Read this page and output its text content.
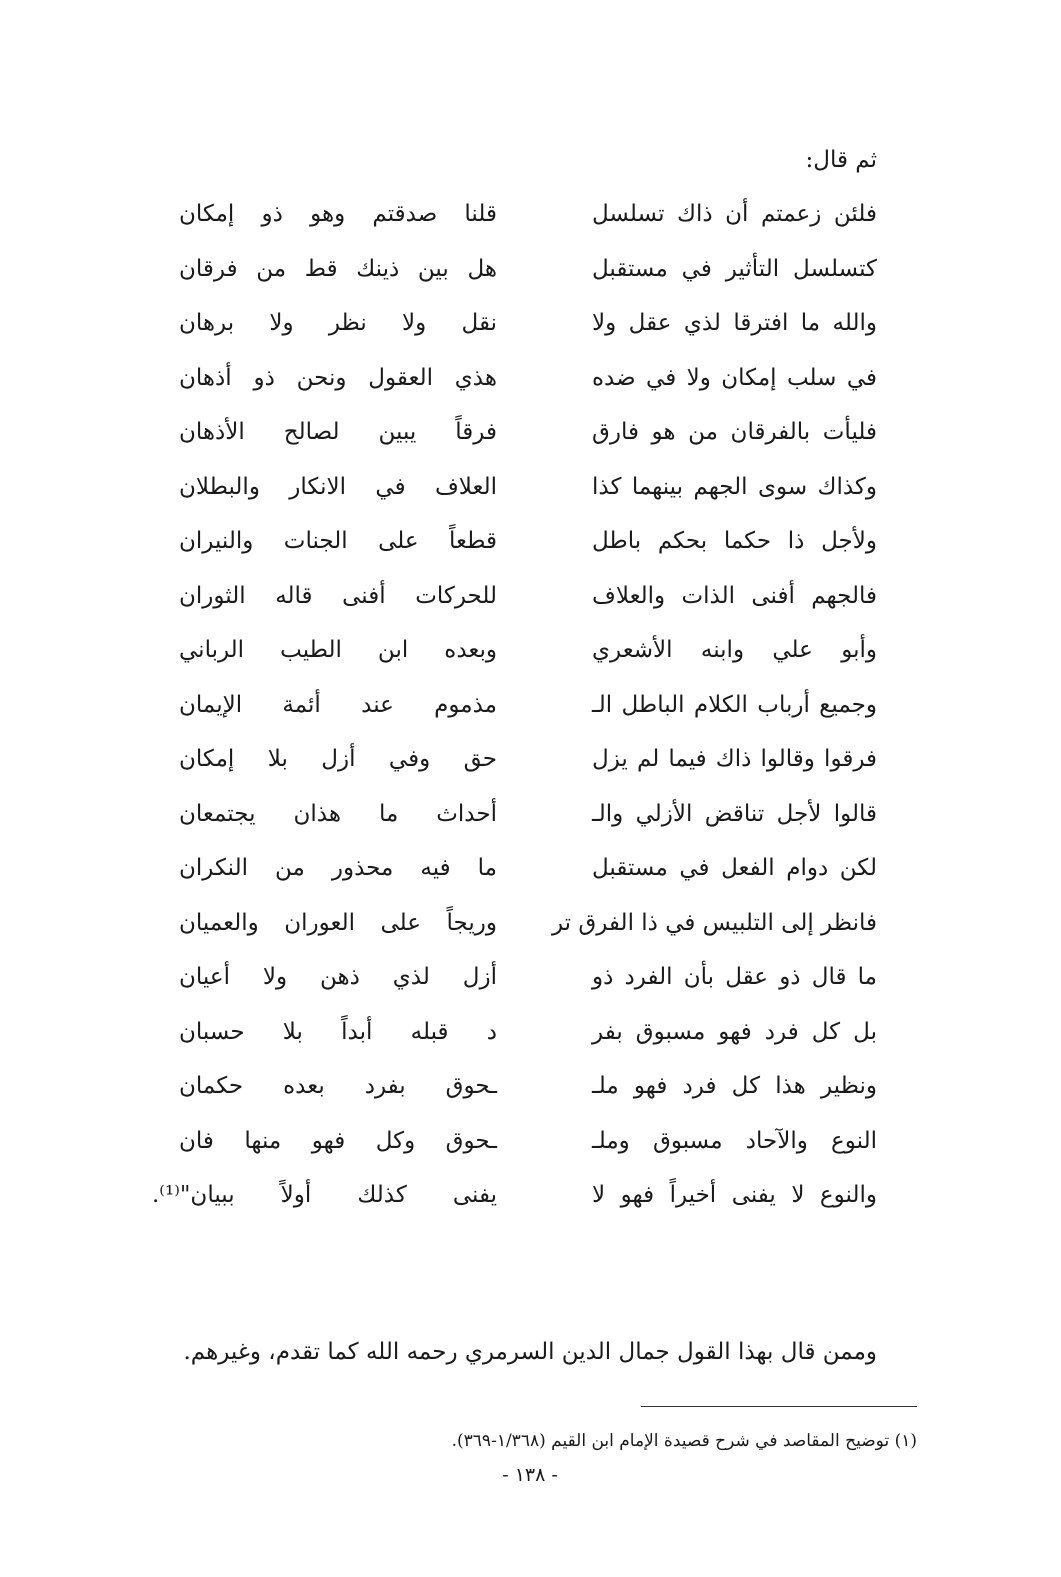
ثم قال:
فلئن زعمتم أن ذاك تسلسل
قلنا صدقتم وهو ذو إمكان
كتسلسل التأثير في مستقبل
هل بين ذينك قط من فرقان
والله ما افترقا لذي عقل ولا
نقل ولا نظر ولا برهان
في سلب إمكان ولا في ضده
هذي العقول ونحن ذو أذهان
فليأت بالفرقان من هو فارق
فرقاً يبين لصالح الأذهان
وكذاك سوى الجهم بينهما كذا
العلاف في الانكار والبطلان
ولأجل ذا حكما بحكم باطل
قطعاً على الجنات والنيران
فالجهم أفنى الذات والعلاف
للحركات أفنى قاله الثوران
وأبو علي وابنه الأشعري
وبعده ابن الطيب الرباني
وجميع أرباب الكلام الباطل الـ
مذموم عند أئمة الإيمان
فرقوا وقالوا ذاك فيما لم يزل
حق وفي أزل بلا إمكان
قالوا لأجل تناقض الأزلي والـ
أحداث ما هذان يجتمعان
لكن دوام الفعل في مستقبل
ما فيه محذور من النكران
فانظر إلى التلبيس في ذا الفرق تر
وريجاً على العوران والعميان
ما قال ذو عقل بأن الفرد ذو
أزل لذي ذهن ولا أعيان
بل كل فرد فهو مسبوق بفر
د قبله أبداً بلا حسبان
ونظير هذا كل فرد فهو ملـ
ـحوق بفرد بعده حكمان
النوع والآحاد مسبوق وملـ
ـحوق وكل فهو منها فان
والنوع لا يفنى أخيراً فهو لا
يفنى كذلك أولاً ببيان"⁽¹⁾.
وممن قال بهذا القول جمال الدين السرمري رحمه الله كما تقدم، وغيرهم.
(١) توضيح المقاصد في شرح قصيدة الإمام ابن القيم (١/٣٦٨-٣٦٩).
- ١٣٨ -
